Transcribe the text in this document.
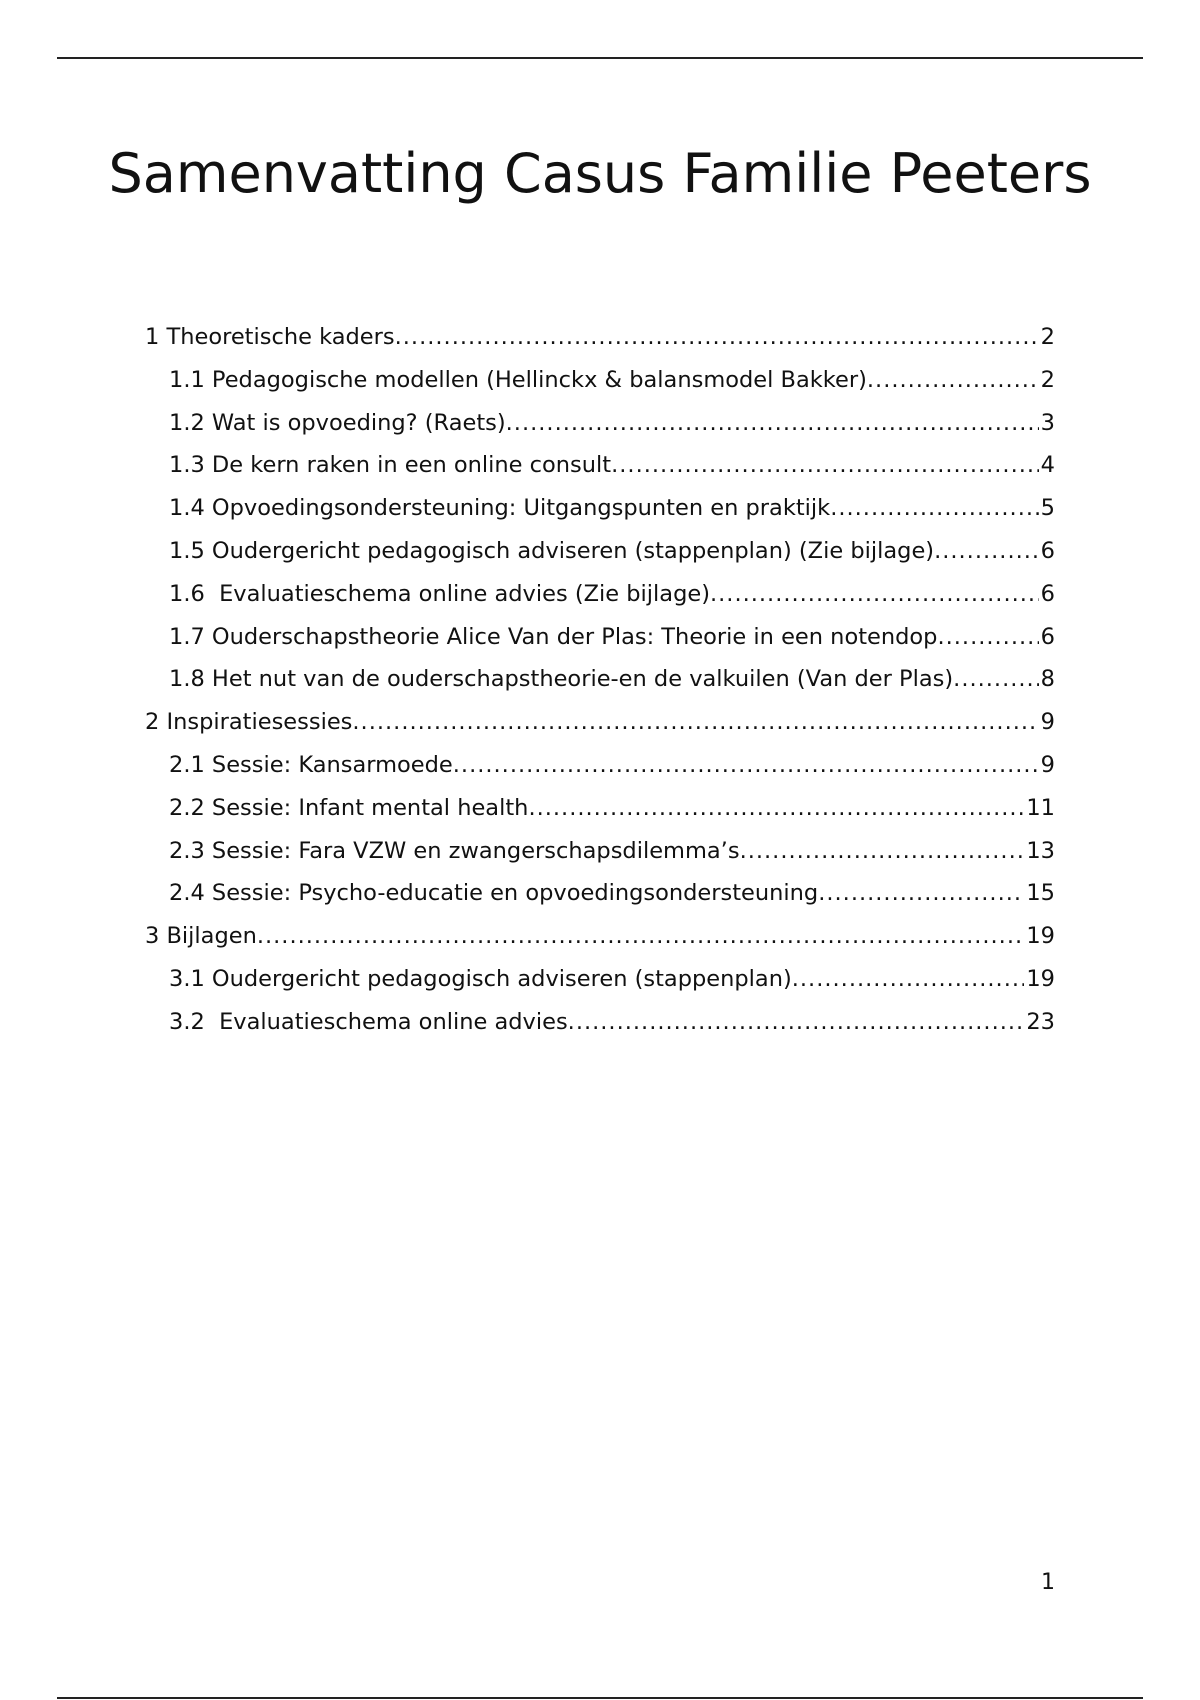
Samenvatting Casus Familie Peeters
1 Theoretische kaders .....	2
1.1 Pedagogische modellen (Hellinckx & balansmodel Bakker) .....	2
1.2 Wat is opvoeding? (Raets) .....	3
1.3 De kern raken in een online consult .....	4
1.4 Opvoedingsondersteuning: Uitgangspunten en praktijk .....	5
1.5 Oudergericht pedagogisch adviseren (stappenplan) (Zie bijlage) .....	6
1.6  Evaluatieschema online advies (Zie bijlage) .....	6
1.7 Ouderschapstheorie Alice Van der Plas: Theorie in een notendop .....	6
1.8 Het nut van de ouderschapstheorie-en de valkuilen (Van der Plas) .....	8
2 Inspiratiesessies .....	9
2.1 Sessie: Kansarmoede .....	9
2.2 Sessie: Infant mental health .....	11
2.3 Sessie: Fara VZW en zwangerschapsdilemma’s .....	13
2.4 Sessie: Psycho-educatie en opvoedingsondersteuning .....	15
3 Bijlagen .....	19
3.1 Oudergericht pedagogisch adviseren (stappenplan) .....	19
3.2  Evaluatieschema online advies .....	23
1
